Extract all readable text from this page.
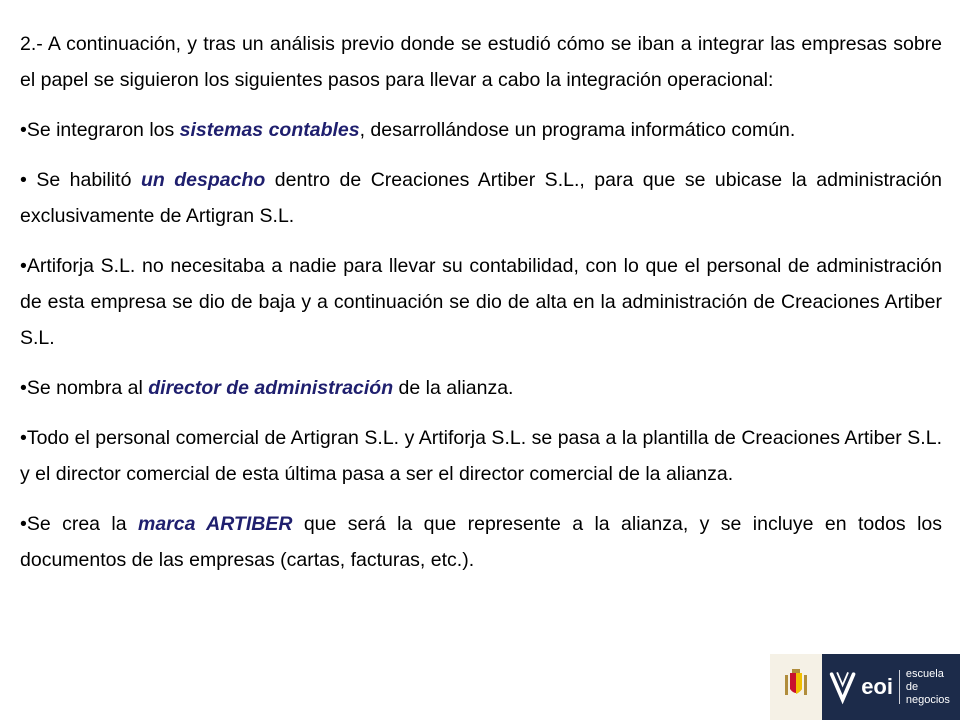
2.- A continuación, y tras un análisis previo donde se estudió cómo se iban a integrar las empresas sobre el papel se siguieron los siguientes pasos para llevar a cabo la integración operacional:

•Se integraron los sistemas contables, desarrollándose un programa informático común.

• Se habilitó un despacho dentro de Creaciones Artiber S.L., para que se ubicase la administración exclusivamente de Artigran S.L.

•Artiforja S.L. no necesitaba a nadie para llevar su contabilidad, con lo que el personal de administración de esta empresa se dio de baja y a continuación se dio de alta en la administración de Creaciones Artiber S.L.

•Se nombra al director de administración de la alianza.

•Todo el personal comercial de Artigran S.L. y Artiforja S.L. se pasa a la plantilla de Creaciones Artiber S.L. y el director comercial de esta última pasa a ser el director comercial de la alianza.

•Se crea la marca ARTIBER que será la que represente a la alianza, y se incluye en todos los documentos de las empresas (cartas, facturas, etc.).

eoi
escuela
de negocios
